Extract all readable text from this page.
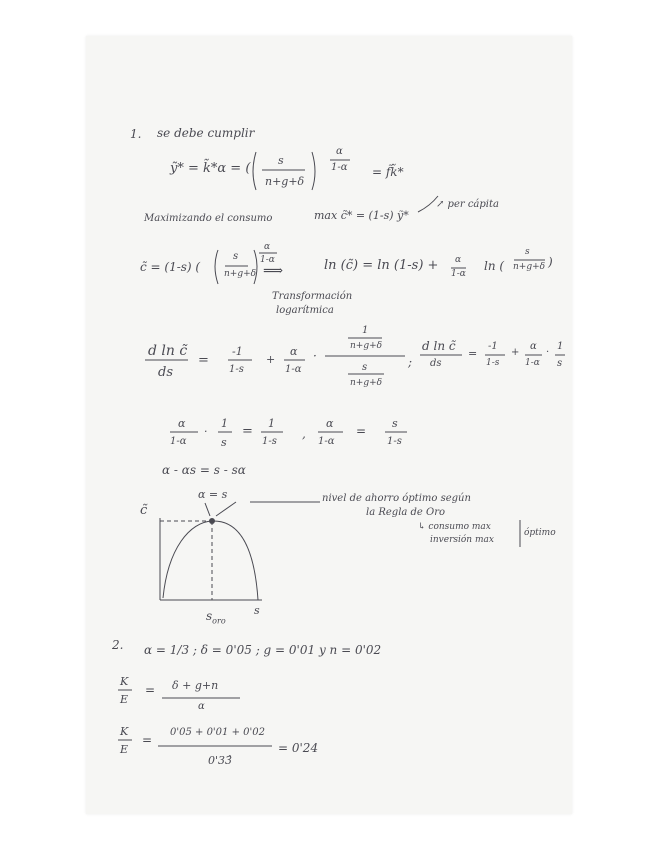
1. se debe cumplir
ỹ* = k̃*α = (
s
n+g+δ
α
1-α = f̃k̃*
Maximizando el consumo	max c̃* = (1-s) ỹ*
↗ per cápita
c̃ = (1-s) (
s
n+g+δ
α
1-α
⟹	ln (c̃) = ln (1-s) + α
1-α
ln (
s
n+g+δ )
Transformación
logarítmica
d ln c̃
ds
=
-1
1-s
+
α
1-α
·
1
n+g+δ
s
n+g+δ
;
d ln c̃
ds
=
-1
1-s
+
α
1-α
·
1
s
α
1-α
·
1
s
=
1
1-s
,
α
1-α
=
s
1-s
α - αs = s - sα
α = s
c̃
$s_{oro}$
s
nivel de ahorro óptimo según
la Regla de Oro
↳ consumo max
inversión max
óptimo
2. α = 1/3 ; δ = 0'05 ; g = 0'01 y n = 0'02
K
E
= δ + g+n
α
K
E
=
0'05 + 0'01 + 0'02
0'33̂
= 0'24
